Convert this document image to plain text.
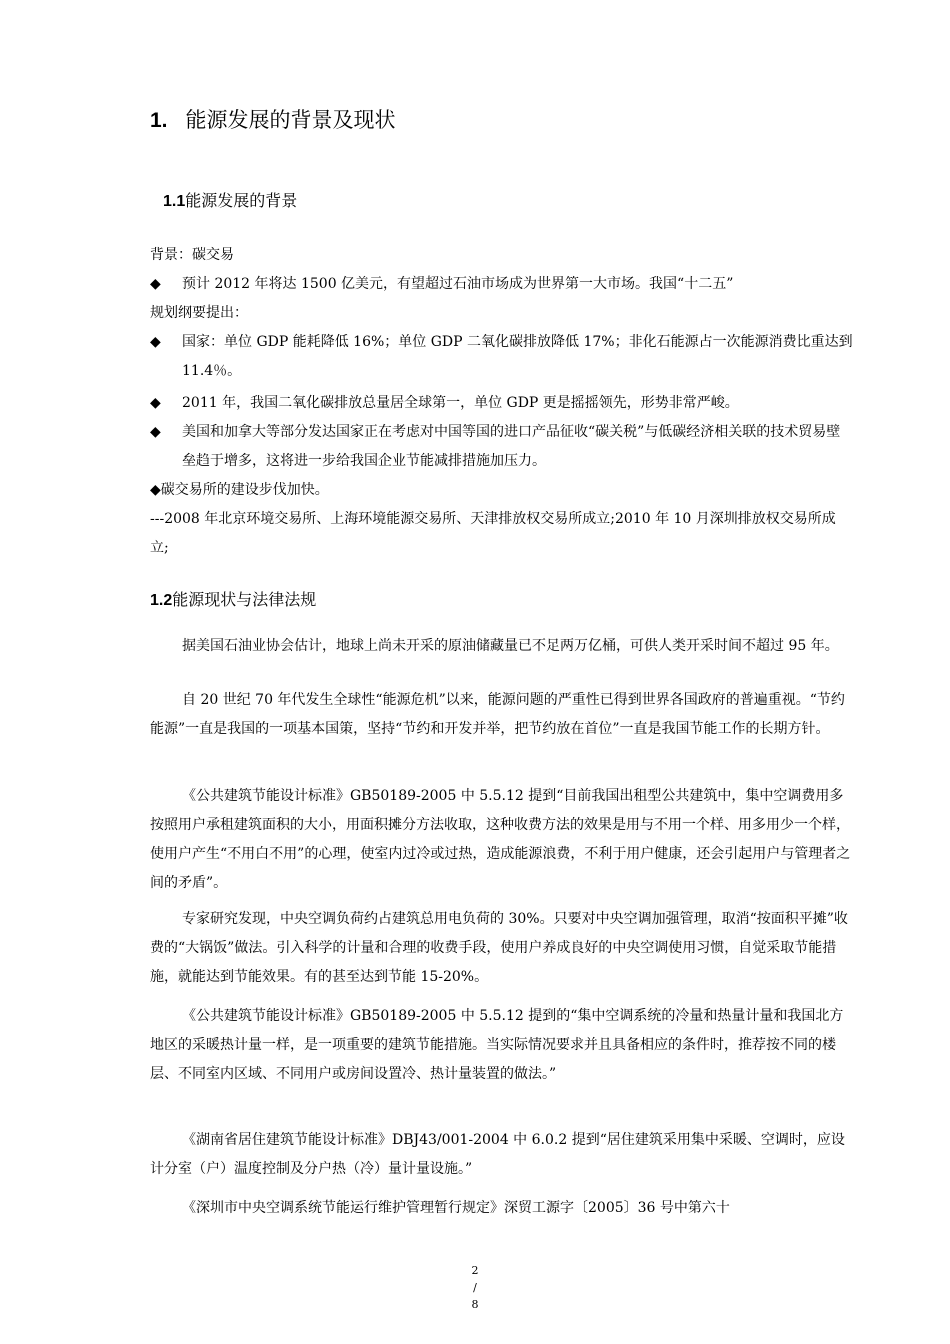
1. 能源发展的背景及现状
1.1能源发展的背景
背景：碳交易
◆ 预计 2012 年将达 1500 亿美元，有望超过石油市场成为世界第一大市场。我国“十二五”
规划纲要提出：
◆ 国家：单位 GDP 能耗降低 16%；单位 GDP 二氧化碳排放降低 17%；非化石能源占一次能源消费比重达到 11.4％。
◆ 2011 年，我国二氧化碳排放总量居全球第一，单位 GDP 更是摇摇领先，形势非常严峻。
◆ 美国和加拿大等部分发达国家正在考虑对中国等国的进口产品征收“碳关税”与低碳经济相关联的技术贸易壁垒趋于增多，这将进一步给我国企业节能减排措施加压力。
◆碳交易所的建设步伐加快。
---2008 年北京环境交易所、上海环境能源交易所、天津排放权交易所成立;2010 年 10 月深圳排放权交易所成立;
1.2能源现状与法律法规
据美国石油业协会估计，地球上尚未开采的原油储藏量已不足两万亿桶，可供人类开采时间不超过 95 年。
自 20 世纪 70 年代发生全球性“能源危机”以来，能源问题的严重性已得到世界各国政府的普遍重视。“节约能源”一直是我国的一项基本国策，坚持“节约和开发并举，把节约放在首位”一直是我国节能工作的长期方针。
《公共建筑节能设计标准》GB50189-2005 中 5.5.12 提到“目前我国出租型公共建筑中，集中空调费用多按照用户承租建筑面积的大小，用面积摊分方法收取，这种收费方法的效果是用与不用一个样、用多用少一个样，使用户产生“不用白不用”的心理，使室内过冷或过热，造成能源浪费，不利于用户健康，还会引起用户与管理者之间的矛盾”。
专家研究发现，中央空调负荷约占建筑总用电负荷的 30%。只要对中央空调加强管理，取消“按面积平摊”收费的“大锅饭”做法。引入科学的计量和合理的收费手段，使用户养成良好的中央空调使用习惯，自觉采取节能措施，就能达到节能效果。有的甚至达到节能 15-20%。
《公共建筑节能设计标准》GB50189-2005 中 5.5.12 提到的“集中空调系统的冷量和热量计量和我国北方地区的采暖热计量一样，是一项重要的建筑节能措施。当实际情况要求并且具备相应的条件时，推荐按不同的楼层、不同室内区域、不同用户或房间设置冷、热计量装置的做法。”
《湖南省居住建筑节能设计标准》DBJ43/001-2004 中 6.0.2 提到“居住建筑采用集中采暖、空调时，应设计分室（户）温度控制及分户热（冷）量计量设施。”
《深圳市中央空调系统节能运行维护管理暂行规定》深贸工源字〔2005〕36 号中第六十
2
/
8
